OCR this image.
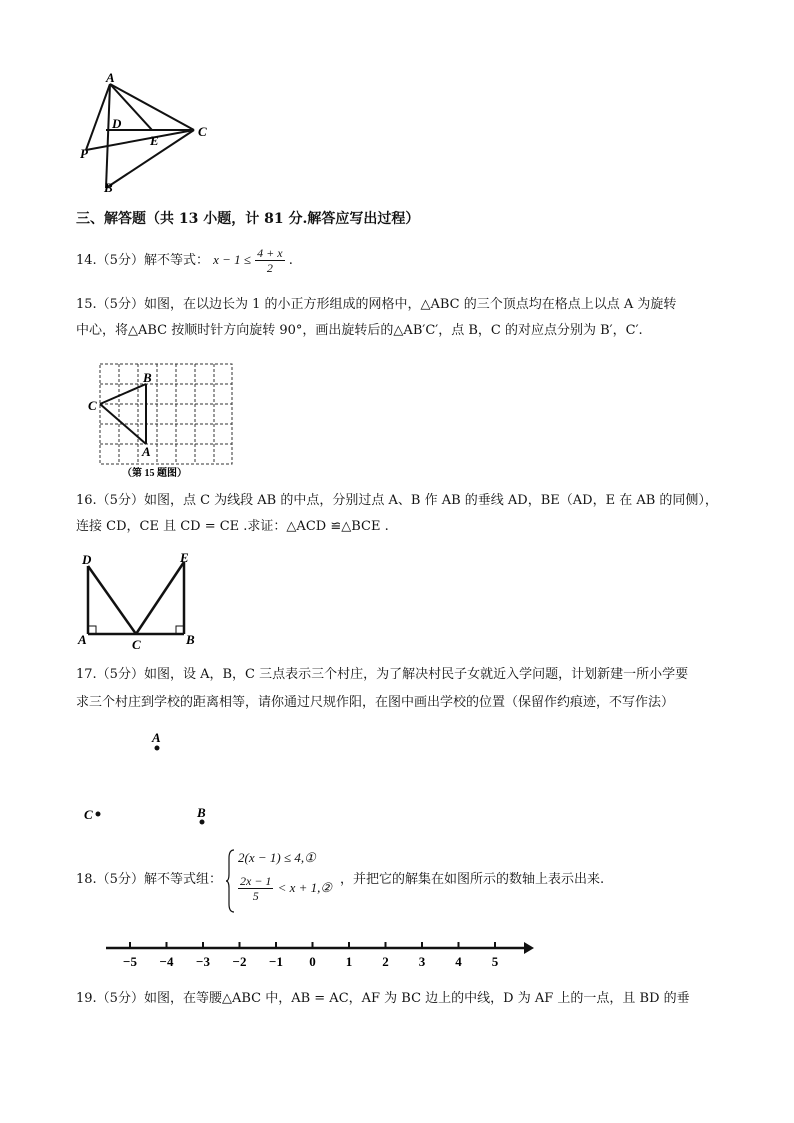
A
D
E
C
P
B
三、解答题（共 13 小题，计 81 分.解答应写出过程）
14.（5分）解不等式： $x - 1 \le \frac{4 + x}{2}$ .
15.（5分）如图，在以边长为 1 的小正方形组成的网格中，△ABC 的三个顶点均在格点上以点 A 为旋转
中心，将△ABC 按顺时针方向旋转 90°，画出旋转后的△AB′C′，点 B，C 的对应点分别为 B′，C′.
B
C
A
（第 15 题图）
16.（5分）如图，点 C 为线段 AB 的中点，分别过点 A、B 作 AB 的垂线 AD，BE（AD，E 在 AB 的同侧），
连接 CD，CE 且 CD = CE .求证：△ACD ≌△BCE .
D	E
A	C	B
17.（5分）如图，设 A，B，C 三点表示三个村庄，为了解决村民子女就近入学问题，计划新建一所小学要
求三个村庄到学校的距离相等，请你通过尺规作阳，在图中画出学校的位置（保留作约痕迹，不写作法）
A
C	B
18.（5分）解不等式组：
2(x − 1) ≤ 4,①
$\frac{2x - 1}{5} < x$ + 1,②
，并把它的解集在如图所示的数轴上表示出来.
−5 −4 −3 −2 −1 0 1 2 3 4 5
19.（5分）如图，在等腰△ABC 中，AB = AC，AF 为 BC 边上的中线，D 为 AF 上的一点，且 BD 的垂
